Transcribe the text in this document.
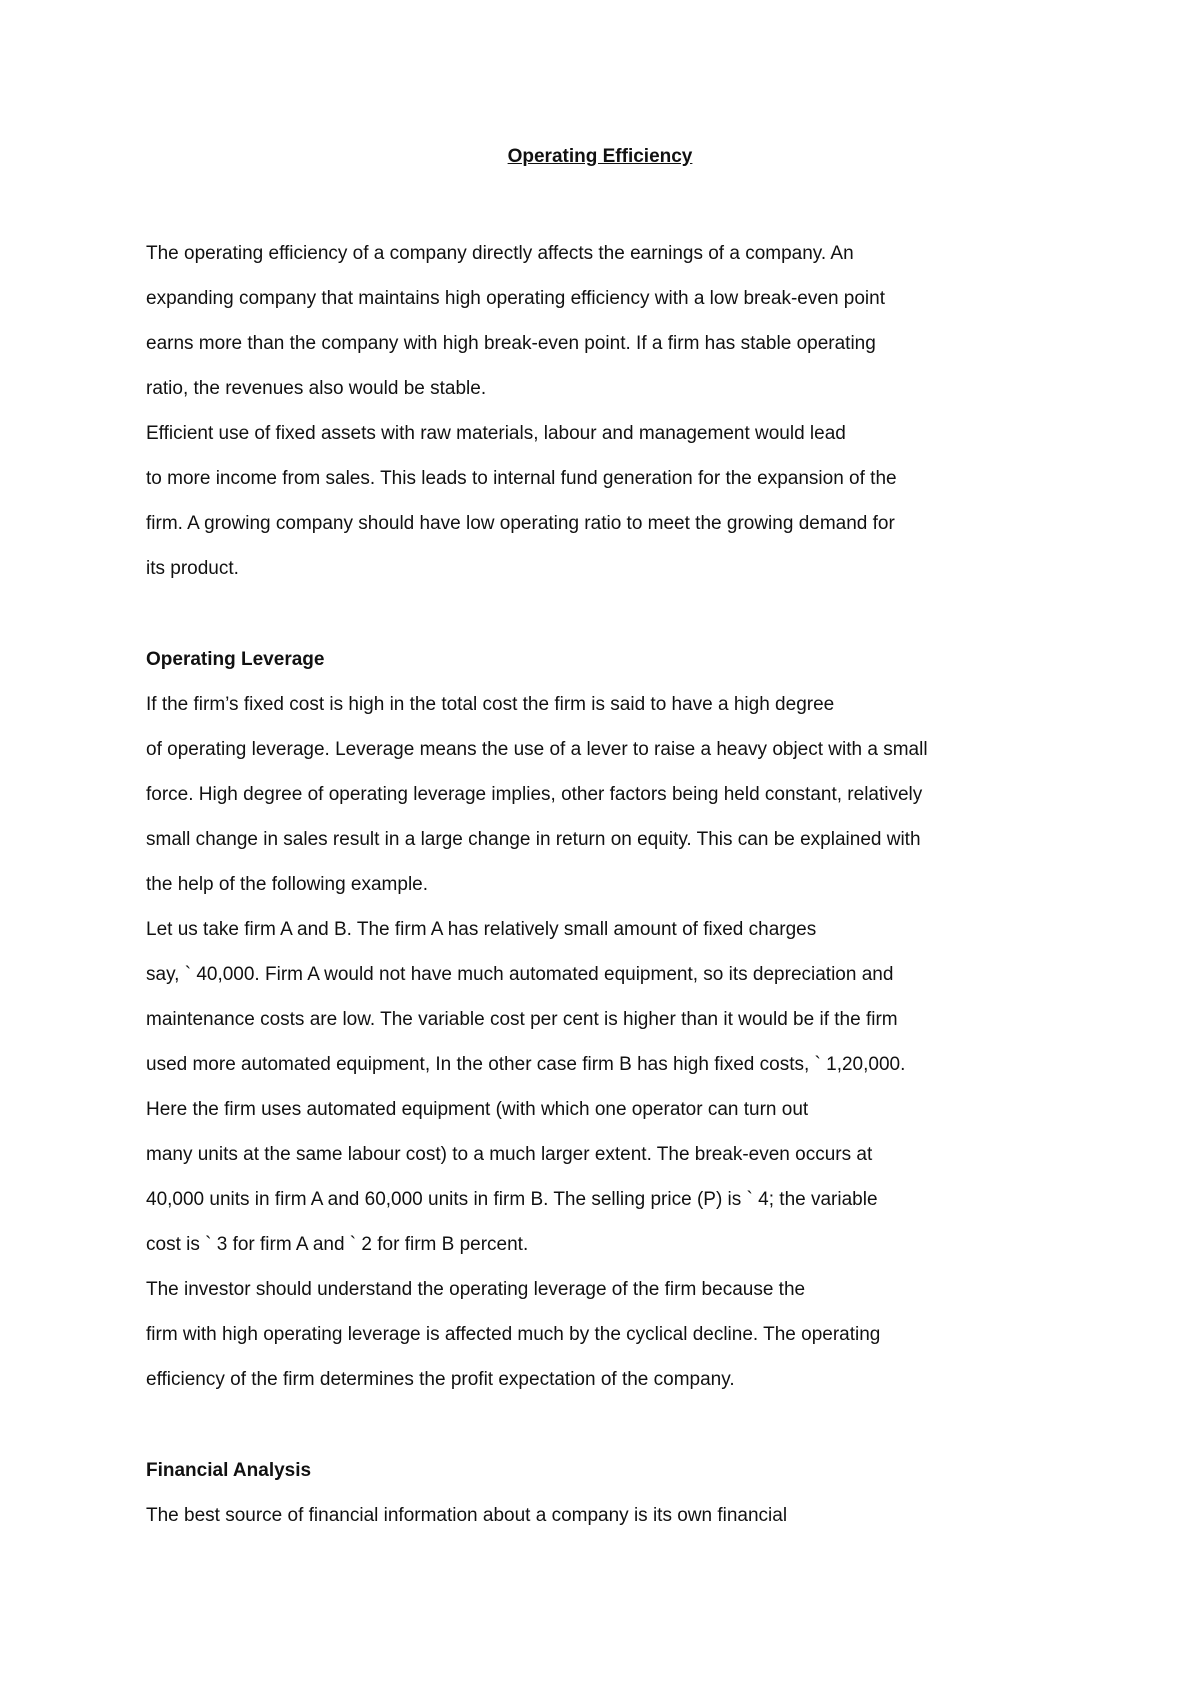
Operating Efficiency

The operating efficiency of a company directly affects the earnings of a company. An

expanding company that maintains high operating efficiency with a low break-even point

earns more than the company with high break-even point. If a firm has stable operating

ratio, the revenues also would be stable.

Efficient use of fixed assets with raw materials, labour and management would lead

to more income from sales. This leads to internal fund generation for the expansion of the

firm. A growing company should have low operating ratio to meet the growing demand for

its product.

Operating Leverage

If the firm’s fixed cost is high in the total cost the firm is said to have a high degree

of operating leverage. Leverage means the use of a lever to raise a heavy object with a small

force. High degree of operating leverage implies, other factors being held constant, relatively

small change in sales result in a large change in return on equity. This can be explained with

the help of the following example.

Let us take firm A and B. The firm A has relatively small amount of fixed charges

say, ` 40,000. Firm A would not have much automated equipment, so its depreciation and

maintenance costs are low. The variable cost per cent is higher than it would be if the firm

used more automated equipment, In the other case firm B has high fixed costs, ` 1,20,000.

Here the firm uses automated equipment (with which one operator can turn out

many units at the same labour cost) to a much larger extent. The break-even occurs at

40,000 units in firm A and 60,000 units in firm B. The selling price (P) is ` 4; the variable

cost is ` 3 for firm A and ` 2 for firm B percent.

The investor should understand the operating leverage of the firm because the

firm with high operating leverage is affected much by the cyclical decline. The operating

efficiency of the firm determines the profit expectation of the company.

Financial Analysis

The best source of financial information about a company is its own financial
